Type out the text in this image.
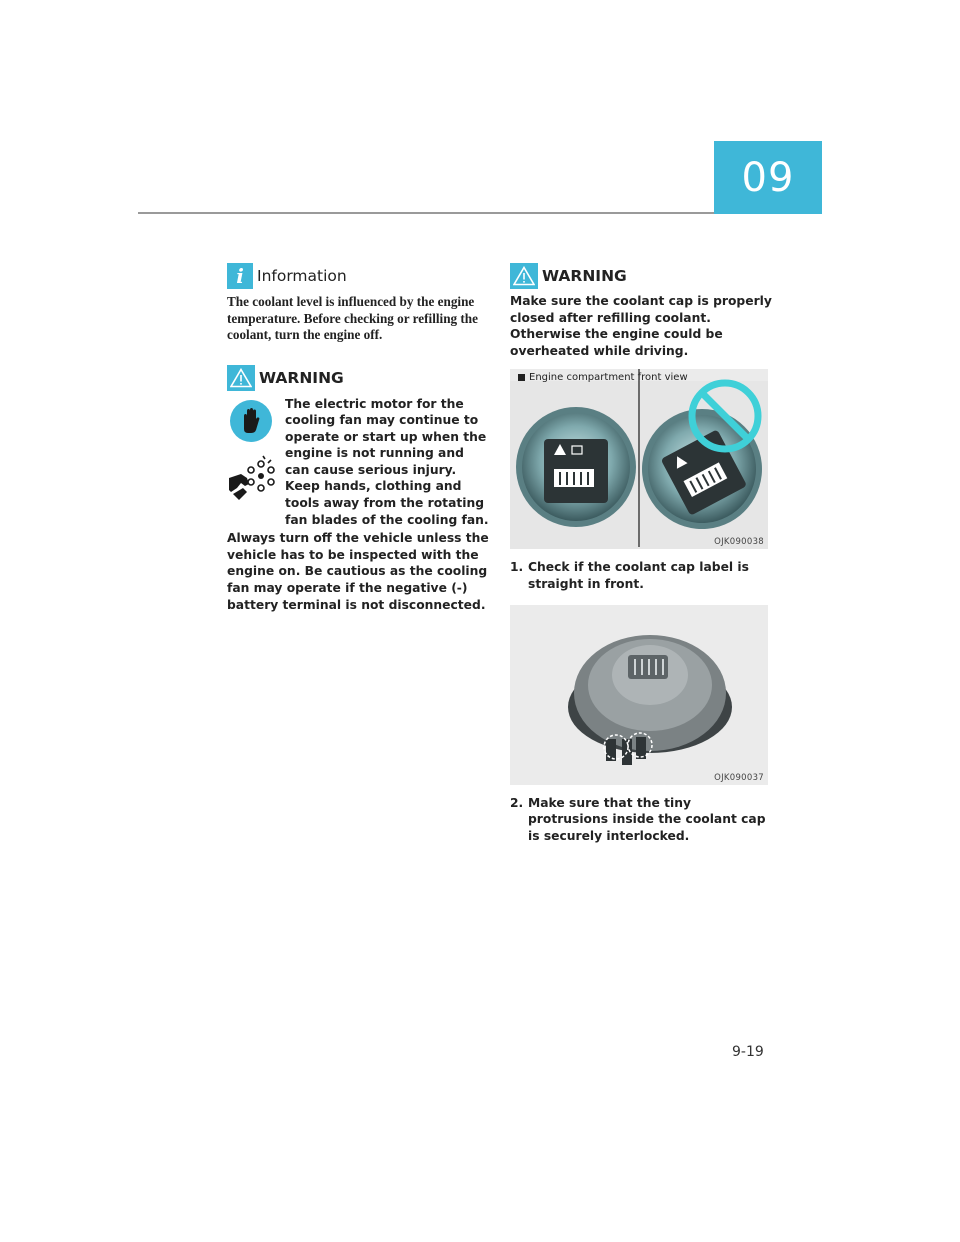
09
i Information

The coolant level is influenced by the engine temperature. Before checking or refilling the coolant, turn the engine off.

WARNING

The electric motor for the cooling fan may continue to operate or start up when the engine is not running and can cause serious injury. Keep hands, clothing and tools away from the rotating fan blades of the cooling fan.

Always turn off the vehicle unless the vehicle has to be inspected with the engine on. Be cautious as the cooling fan may operate if the negative (-) battery terminal is not disconnected.

WARNING

Make sure the coolant cap is properly closed after refilling coolant. Otherwise the engine could be overheated while driving.

Engine compartment front view
OJK090038
1. Check if the coolant cap label is straight in front.
OJK090037
2. Make sure that the tiny protrusions inside the coolant cap is securely interlocked.
9-19
